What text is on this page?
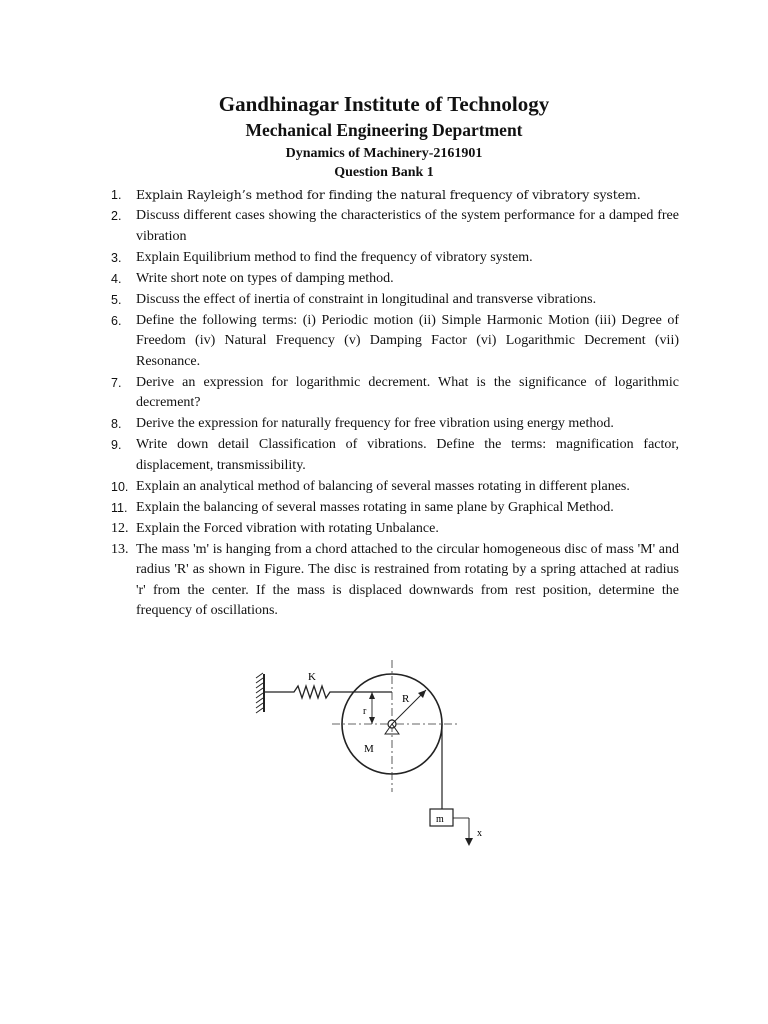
Gandhinagar Institute of Technology
Mechanical Engineering Department
Dynamics of Machinery-2161901
Question Bank 1
1.	Explain Rayleigh’s method for finding the natural frequency of vibratory system.
2.	Discuss different cases showing the characteristics of the system performance for a damped free vibration
3.	Explain Equilibrium method to find the frequency of vibratory system.
4.	Write short note on types of damping method.
5.	Discuss the effect of inertia of constraint in longitudinal and transverse vibrations.
6.	Define the following terms: (i) Periodic motion (ii) Simple Harmonic Motion (iii) Degree of Freedom (iv) Natural Frequency (v) Damping Factor (vi) Logarithmic Decrement (vii) Resonance.
7.	Derive an expression for logarithmic decrement. What is the significance of logarithmic decrement?
8.	Derive the expression for naturally frequency for free vibration using energy method.
9.	Write down detail Classification of vibrations. Define the terms: magnification factor, displacement, transmissibility.
10. Explain an analytical method of balancing of several masses rotating in different planes.
11. Explain the balancing of several masses rotating in same plane by Graphical Method.
12. Explain the Forced vibration with rotating Unbalance.
13. The mass 'm' is hanging from a chord attached to the circular homogeneous disc of mass 'M' and radius 'R' as shown in Figure. The disc is restrained from rotating by a spring attached at radius 'r' from the center. If the mass is displaced downwards from rest position, determine the frequency of oscillations.
K
R
r
M
m
x
